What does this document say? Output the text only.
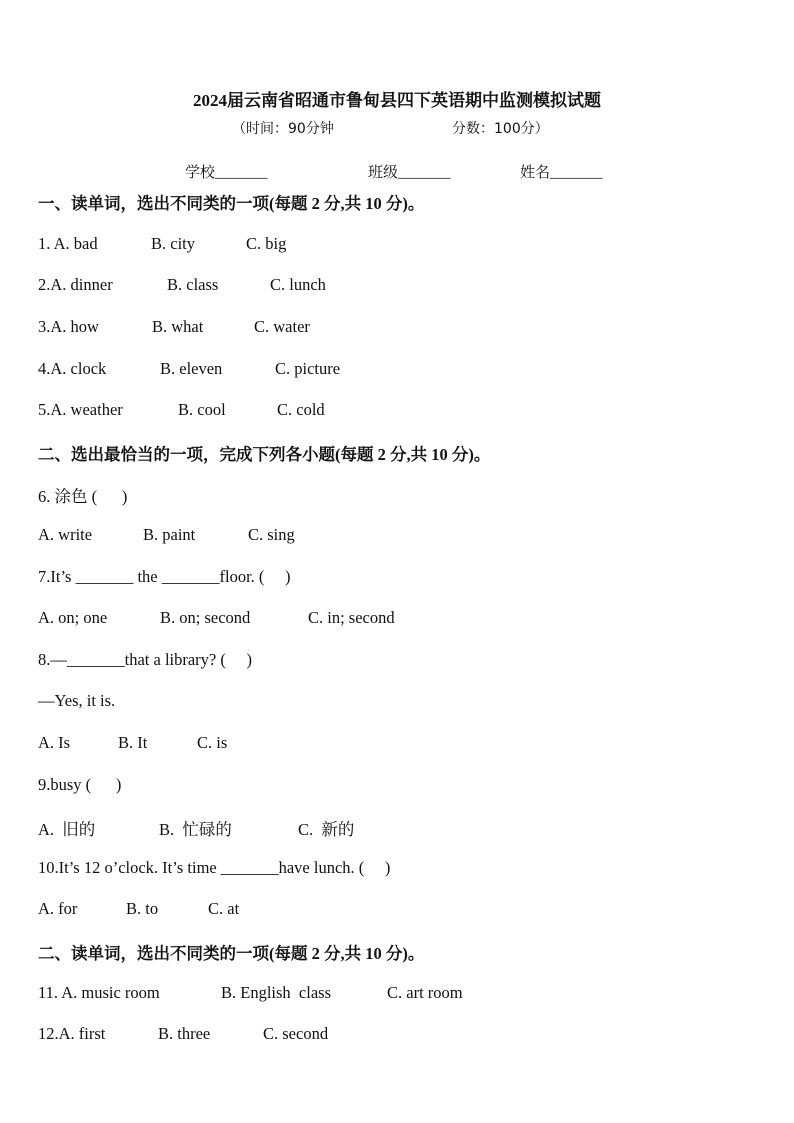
2024届云南省昭通市鲁甸县四下英语期中监测模拟试题
（时间：90分钟	分数：100分）
学校_______	班级_______	姓名_______
一、读单词，选出不同类的一项(每题 2 分,共 10 分)。
1. A. bad	B. city	C. big
2.A. dinner	B. class	C. lunch
3.A. how	B. what	C. water
4.A. clock	B. eleven	C. picture
5.A. weather	B. cool	C. cold
二、选出最恰当的一项，完成下列各小题(每题 2 分,共 10 分)。
6. 涂色 (      )
A. write	B. paint	C. sing
7.It’s _______ the _______floor. (     )
A. on; one	B. on; second	C. in; second
8.—_______that a library? (     )
—Yes, it is.
A. Is	B. It	C. is
9.busy (      )
A.  旧的	B.  忙碌的	C.  新的
10.It’s 12 o’clock. It’s time _______have lunch. (     )
A. for	B. to	C. at
二、读单词，选出不同类的一项(每题 2 分,共 10 分)。
11. A. music room	B. English  class	C. art room
12.A. first	B. three	C. second
